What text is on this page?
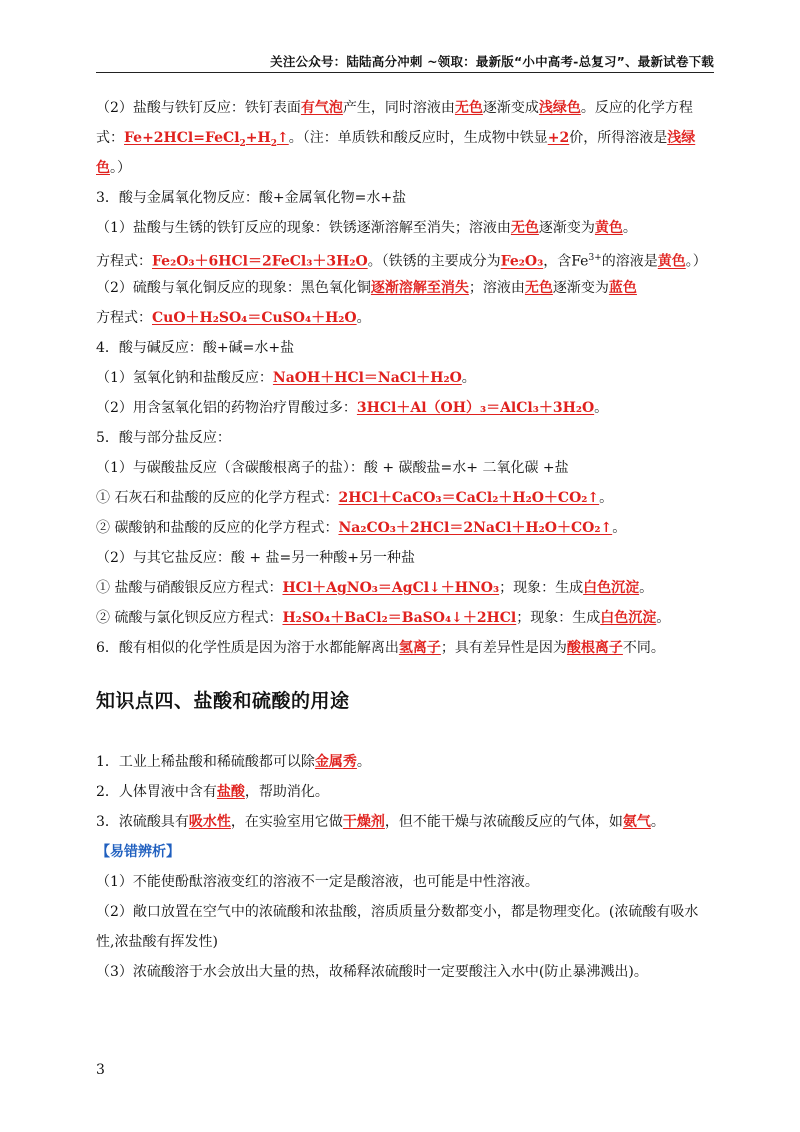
关注公众号：陆陆高分冲刺 ~领取：最新版“小中高考-总复习”、最新试卷下载
（2）盐酸与铁钉反应：铁钉表面有气泡产生，同时溶液由无色逐渐变成浅绿色。反应的化学方程
式：$Fe+2HCl=FeCl_2+H_2↑$。（注：单质铁和酸反应时，生成物中铁显+2价，所得溶液是浅绿
色。）
3．酸与金属氧化物反应：酸+金属氧化物=水+盐
（1）盐酸与生锈的铁钉反应的现象：铁锈逐渐溶解至消失；溶液由无色逐渐变为黄色。
方程式：Fe₂O₃＋6HCl＝2FeCl₃＋3H₂O。（铁锈的主要成分为Fe₂O₃，含$Fe^{3+}$的溶液是黄色。）
（2）硫酸与氧化铜反应的现象：黑色氧化铜逐渐溶解至消失；溶液由无色逐渐变为蓝色
方程式：CuO＋H₂SO₄＝CuSO₄＋H₂O。
4．酸与碱反应：酸+碱=水+盐
（1）氢氧化钠和盐酸反应：NaOH＋HCl＝NaCl＋H₂O。
（2）用含氢氧化铝的药物治疗胃酸过多：3HCl＋Al（OH）₃＝AlCl₃＋3H₂O。
5．酸与部分盐反应：
（1）与碳酸盐反应（含碳酸根离子的盐）：酸 + 碳酸盐=水+ 二氧化碳 +盐
① 石灰石和盐酸的反应的化学方程式：2HCl＋CaCO₃＝CaCl₂＋H₂O＋CO₂↑。
② 碳酸钠和盐酸的反应的化学方程式：Na₂CO₃＋2HCl＝2NaCl＋H₂O＋CO₂↑。
（2）与其它盐反应：酸 + 盐=另一种酸+另一种盐
① 盐酸与硝酸银反应方程式：HCl＋AgNO₃＝AgCl↓＋HNO₃；现象：生成白色沉淀。
② 硫酸与氯化钡反应方程式：H₂SO₄＋BaCl₂＝BaSO₄↓＋2HCl；现象：生成白色沉淀。
6．酸有相似的化学性质是因为溶于水都能解离出氢离子；具有差异性是因为酸根离子不同。
知识点四、盐酸和硫酸的用途
1．工业上稀盐酸和稀硫酸都可以除金属秀。
2．人体胃液中含有盐酸，帮助消化。
3．浓硫酸具有吸水性，在实验室用它做干燥剂，但不能干燥与浓硫酸反应的气体，如氨气。
【易错辨析】
（1）不能使酚酞溶液变红的溶液不一定是酸溶液，也可能是中性溶液。
（2）敞口放置在空气中的浓硫酸和浓盐酸，溶质质量分数都变小，都是物理变化。(浓硫酸有吸水
性,浓盐酸有挥发性)
（3）浓硫酸溶于水会放出大量的热，故稀释浓硫酸时一定要酸注入水中(防止暴沸溅出)。
3
